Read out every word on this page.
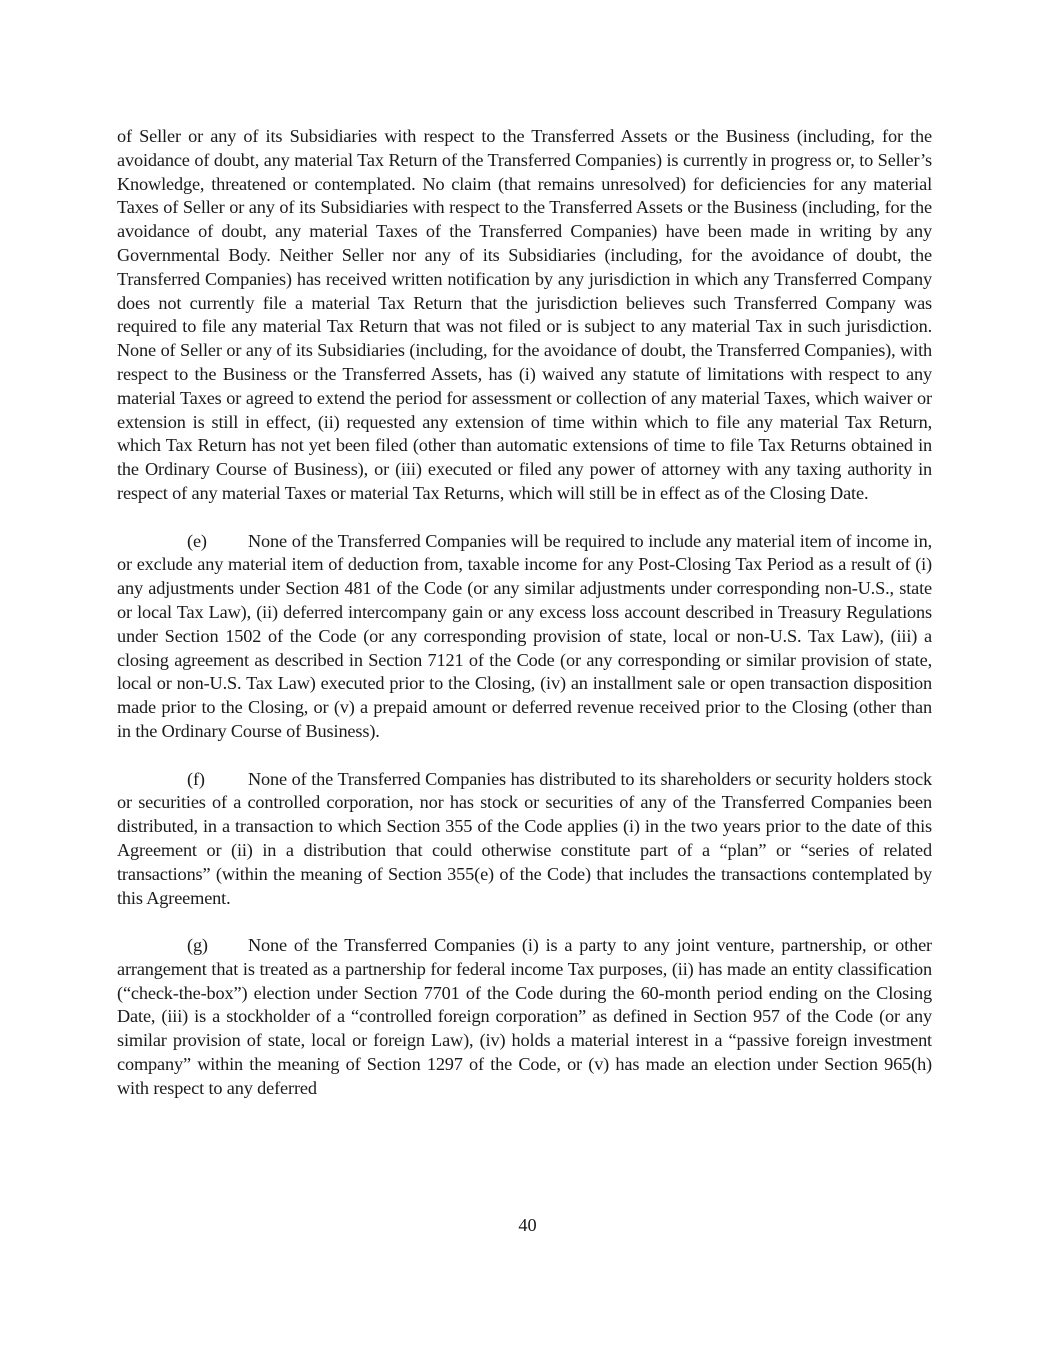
of Seller or any of its Subsidiaries with respect to the Transferred Assets or the Business (including, for the avoidance of doubt, any material Tax Return of the Transferred Companies) is currently in progress or, to Seller’s Knowledge, threatened or contemplated. No claim (that remains unresolved) for deficiencies for any material Taxes of Seller or any of its Subsidiaries with respect to the Transferred Assets or the Business (including, for the avoidance of doubt, any material Taxes of the Transferred Companies) have been made in writing by any Governmental Body. Neither Seller nor any of its Subsidiaries (including, for the avoidance of doubt, the Transferred Companies) has received written notification by any jurisdiction in which any Transferred Company does not currently file a material Tax Return that the jurisdiction believes such Transferred Company was required to file any material Tax Return that was not filed or is subject to any material Tax in such jurisdiction. None of Seller or any of its Subsidiaries (including, for the avoidance of doubt, the Transferred Companies), with respect to the Business or the Transferred Assets, has (i) waived any statute of limitations with respect to any material Taxes or agreed to extend the period for assessment or collection of any material Taxes, which waiver or extension is still in effect, (ii) requested any extension of time within which to file any material Tax Return, which Tax Return has not yet been filed (other than automatic extensions of time to file Tax Returns obtained in the Ordinary Course of Business), or (iii) executed or filed any power of attorney with any taxing authority in respect of any material Taxes or material Tax Returns, which will still be in effect as of the Closing Date.

(e) None of the Transferred Companies will be required to include any material item of income in, or exclude any material item of deduction from, taxable income for any Post-Closing Tax Period as a result of (i) any adjustments under Section 481 of the Code (or any similar adjustments under corresponding non-U.S., state or local Tax Law), (ii) deferred intercompany gain or any excess loss account described in Treasury Regulations under Section 1502 of the Code (or any corresponding provision of state, local or non-U.S. Tax Law), (iii) a closing agreement as described in Section 7121 of the Code (or any corresponding or similar provision of state, local or non-U.S. Tax Law) executed prior to the Closing, (iv) an installment sale or open transaction disposition made prior to the Closing, or (v) a prepaid amount or deferred revenue received prior to the Closing (other than in the Ordinary Course of Business).

(f) None of the Transferred Companies has distributed to its shareholders or security holders stock or securities of a controlled corporation, nor has stock or securities of any of the Transferred Companies been distributed, in a transaction to which Section 355 of the Code applies (i) in the two years prior to the date of this Agreement or (ii) in a distribution that could otherwise constitute part of a “plan” or “series of related transactions” (within the meaning of Section 355(e) of the Code) that includes the transactions contemplated by this Agreement.

(g) None of the Transferred Companies (i) is a party to any joint venture, partnership, or other arrangement that is treated as a partnership for federal income Tax purposes, (ii) has made an entity classification (“check-the-box”) election under Section 7701 of the Code during the 60-month period ending on the Closing Date, (iii) is a stockholder of a “controlled foreign corporation” as defined in Section 957 of the Code (or any similar provision of state, local or foreign Law), (iv) holds a material interest in a “passive foreign investment company” within the meaning of Section 1297 of the Code, or (v) has made an election under Section 965(h) with respect to any deferred

40
